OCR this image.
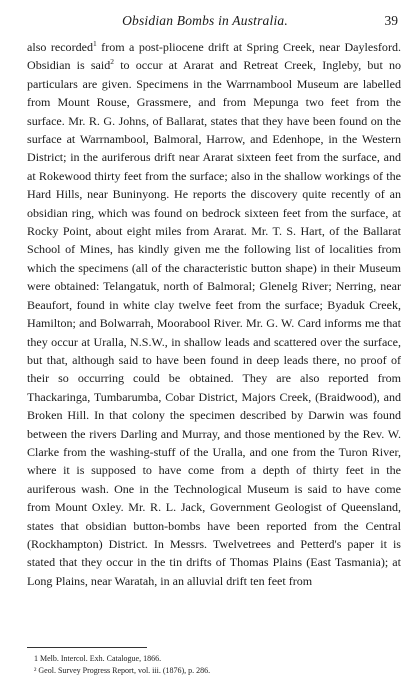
Obsidian Bombs in Australia.	39

also recorded$^1$ from a post-pliocene drift at Spring Creek, near Daylesford. Obsidian is said$^2$ to occur at Ararat and Retreat Creek, Ingleby, but no particulars are given. Specimens in the Warrnambool Museum are labelled from Mount Rouse, Grassmere, and from Mepunga two feet from the surface. Mr. R. G. Johns, of Ballarat, states that they have been found on the surface at Warrnambool, Balmoral, Harrow, and Edenhope, in the Western District; in the auriferous drift near Ararat sixteen feet from the surface, and at Rokewood thirty feet from the surface; also in the shallow workings of the Hard Hills, near Buninyong. He reports the discovery quite recently of an obsidian ring, which was found on bedrock sixteen feet from the surface, at Rocky Point, about eight miles from Ararat. Mr. T. S. Hart, of the Ballarat School of Mines, has kindly given me the following list of localities from which the specimens (all of the characteristic button shape) in their Museum were obtained: Telangatuk, north of Balmoral; Glenelg River; Nerring, near Beaufort, found in white clay twelve feet from the surface; Byaduk Creek, Hamilton; and Bolwarrah, Moorabool River. Mr. G. W. Card informs me that they occur at Uralla, N.S.W., in shallow leads and scattered over the surface, but that, although said to have been found in deep leads there, no proof of their so occurring could be obtained. They are also reported from Thackaringa, Tumbarumba, Cobar District, Majors Creek, (Braidwood), and Broken Hill. In that colony the specimen described by Darwin was found between the rivers Darling and Murray, and those mentioned by the Rev. W. Clarke from the washing-stuff of the Uralla, and one from the Turon River, where it is supposed to have come from a depth of thirty feet in the auriferous wash. One in the Technological Museum is said to have come from Mount Oxley. Mr. R. L. Jack, Government Geologist of Queensland, states that obsidian button-bombs have been reported from the Central (Rockhampton) District. In Messrs. Twelvetrees and Petterd's paper it is stated that they occur in the tin drifts of Thomas Plains (East Tasmania); at Long Plains, near Waratah, in an alluvial drift ten feet from

1 Melb. Intercol. Exh. Catalogue, 1866.
² Geol. Survey Progress Report, vol. iii. (1876), p. 286.
